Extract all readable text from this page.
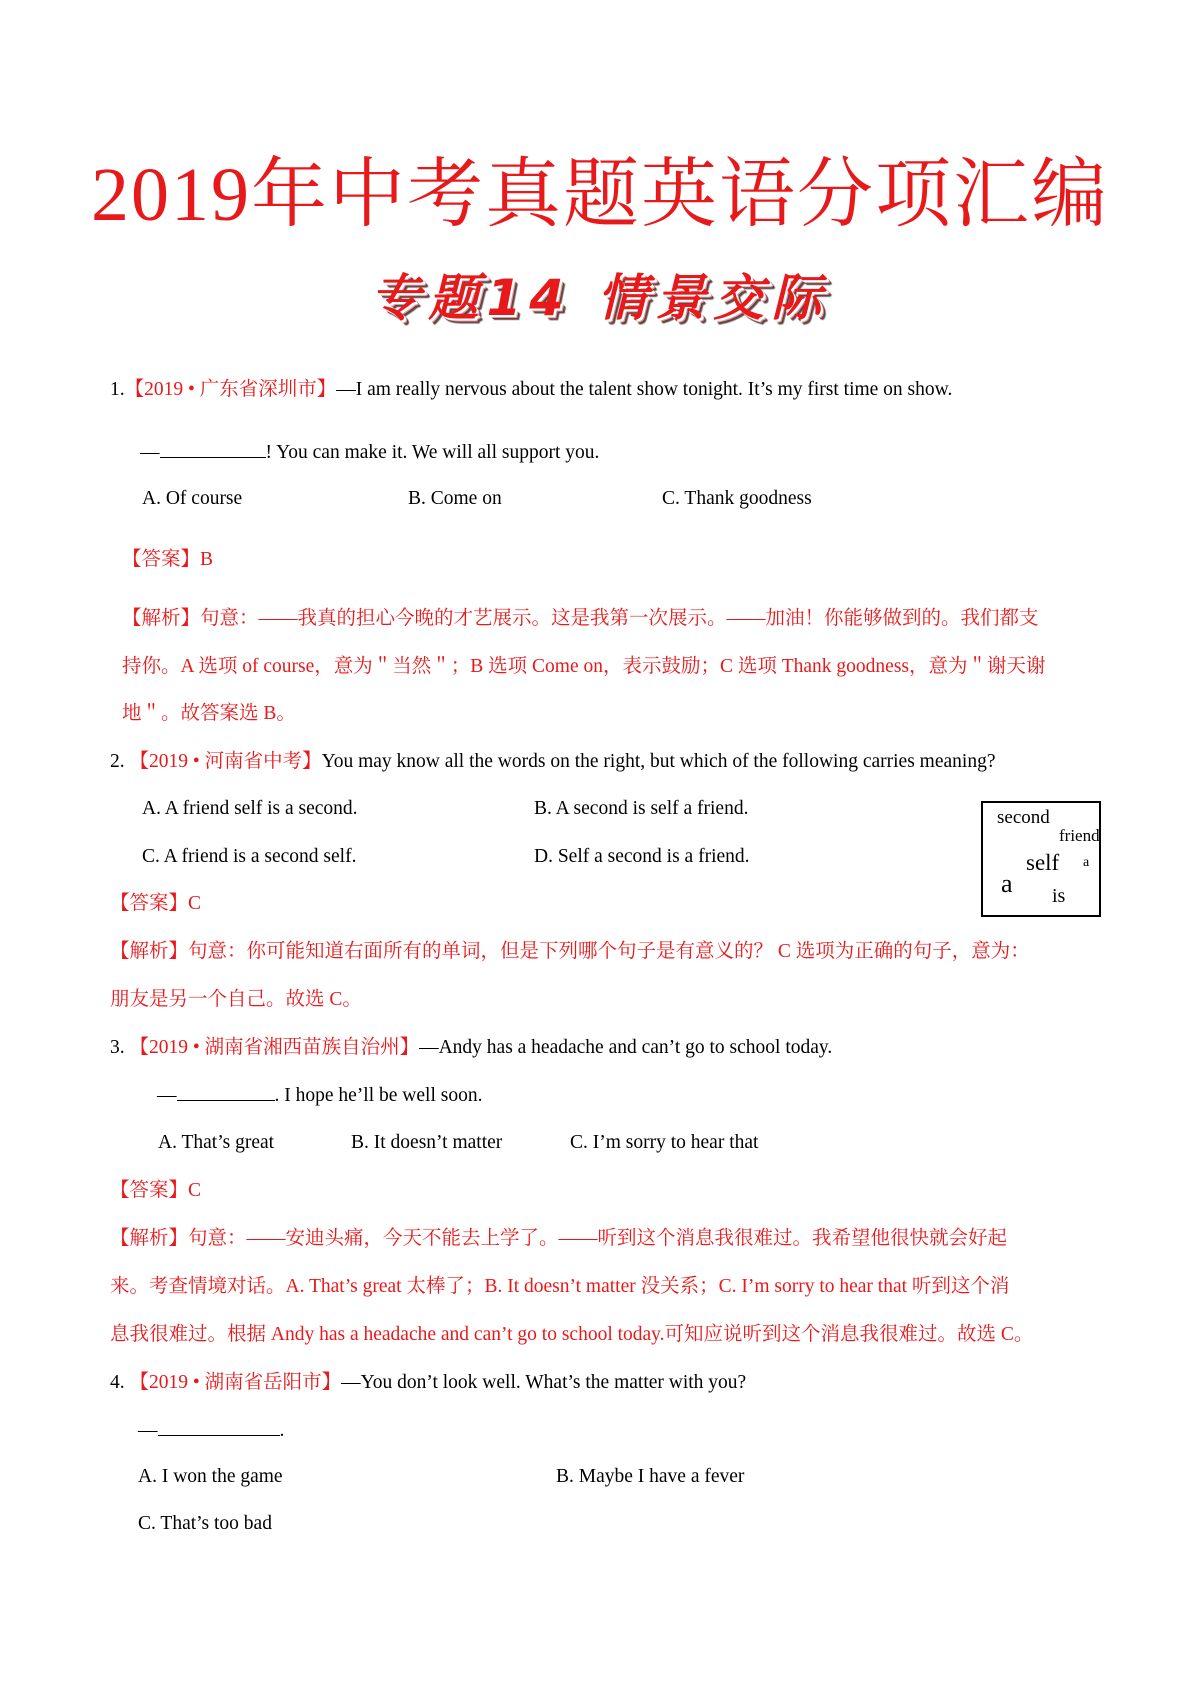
2019年中考真题英语分项汇编
专题14 情景交际
1.【2019 • 广东省深圳市】—I am really nervous about the talent show tonight. It’s my first time on show.
—	! You can make it. We will all support you.
A. Of course	B. Come on	C. Thank goodness
【答案】B
【解析】句意：——我真的担心今晚的才艺展示。这是我第一次展示。——加油！你能够做到的。我们都支
持你。A 选项 of course，意为＂当然＂；B 选项 Come on，表示鼓励；C 选项 Thank goodness，意为＂谢天谢
地＂。故答案选 B。
2. 【2019 • 河南省中考】You may know all the words on the right, but which of the following carries meaning?
A. A friend self is a second.	B. A second is self a friend.
C. A friend is a second self.	D. Self a second is a friend.
second
friend
self a
a is
【答案】C
【解析】句意：你可能知道右面所有的单词，但是下列哪个句子是有意义的？ C 选项为正确的句子，意为：
朋友是另一个自己。故选 C。
3. 【2019 • 湖南省湘西苗族自治州】—Andy has a headache and can’t go to school today.
—	. I hope he’ll be well soon.
A. That’s great	B. It doesn’t matter	C. I’m sorry to hear that
【答案】C
【解析】句意：——安迪头痛，今天不能去上学了。——听到这个消息我很难过。我希望他很快就会好起
来。考查情境对话。A. That’s great 太棒了；B. It doesn’t matter 没关系；C. I’m sorry to hear that 听到这个消
息我很难过。根据 Andy has a headache and can’t go to school today.可知应说听到这个消息我很难过。故选 C。
4. 【2019 • 湖南省岳阳市】—You don’t look well. What’s the matter with you?
—	.
A. I won the game	B. Maybe I have a fever
C. That’s too bad
